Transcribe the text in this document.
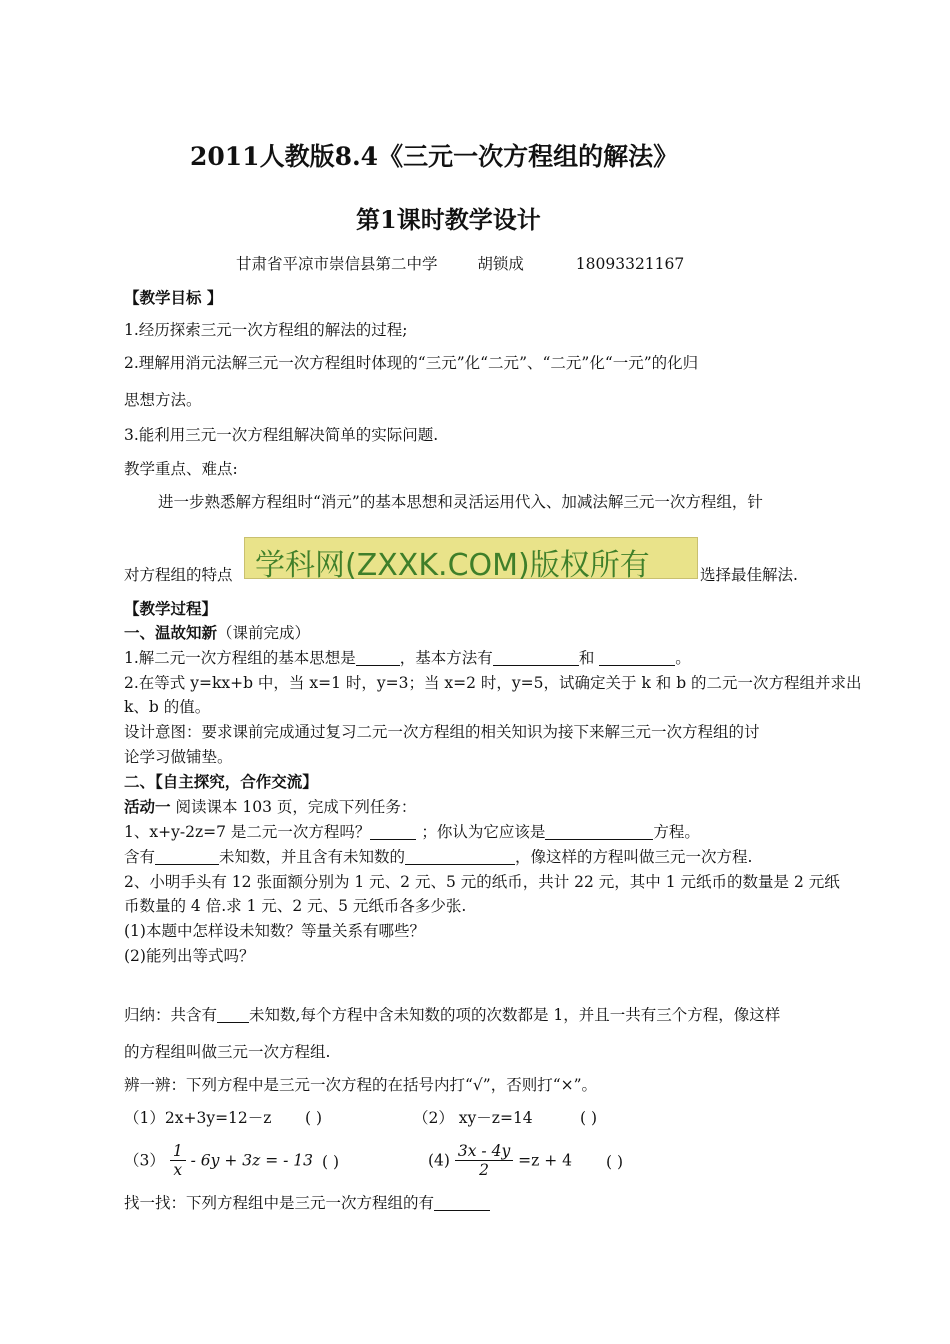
2011人教版8.4《三元一次方程组的解法》
第1课时教学设计
甘肃省平凉市崇信县第二中学	胡锁成	18093321167
【教学目标 】
1.经历探索三元一次方程组的解法的过程;
2.理解用消元法解三元一次方程组时体现的“三元”化“二元”、“二元”化“一元”的化归
思想方法。
3.能利用三元一次方程组解决简单的实际问题.
教学重点、难点:
进一步熟悉解方程组时“消元”的基本思想和灵活运用代入、加减法解三元一次方程组，针
对方程组的特点 学科网(ZXXK.COM)版权所有	选择最佳解法.
【教学过程】
一、温故知新（课前完成）
1.解二元一次方程组的基本思想是	，基本方法有	和	。
2.在等式 y=kx+b 中，当 x=1 时，y=3；当 x=2 时，y=5，试确定关于 k 和 b 的二元一次方程组并求出
k、b 的值。
设计意图：要求课前完成通过复习二元一次方程组的相关知识为接下来解三元一次方程组的讨
论学习做铺垫。
二、【自主探究，合作交流】
活动一 阅读课本 103 页，完成下列任务：
1、x+y-2z=7 是二元一次方程吗？	；你认为它应该是	方程。
含有	未知数，并且含有未知数的	，像这样的方程叫做三元一次方程.
2、小明手头有 12 张面额分别为 1 元、2 元、5 元的纸币，共计 22 元，其中 1 元纸币的数量是 2 元纸
币数量的 4 倍.求 1 元、2 元、5 元纸币各多少张.
(1)本题中怎样设未知数？等量关系有哪些？
(2)能列出等式吗？
归纳：共含有 未知数,每个方程中含未知数的项的次数都是 1，并且一共有三个方程，像这样
的方程组叫做三元一次方程组.
辨一辨：下列方程中是三元一次方程的在括号内打“√”，否则打“×”。
（1）2x+3y=12－z ( )	（2） xy－z=14	( )
$(3) \frac{1}{x} - 6y + 3z$ = - 13 ( )	$(4) \frac{3x - 4y}{2} =z + 4$ ( )
找一找：下列方程组中是三元一次方程组的有
